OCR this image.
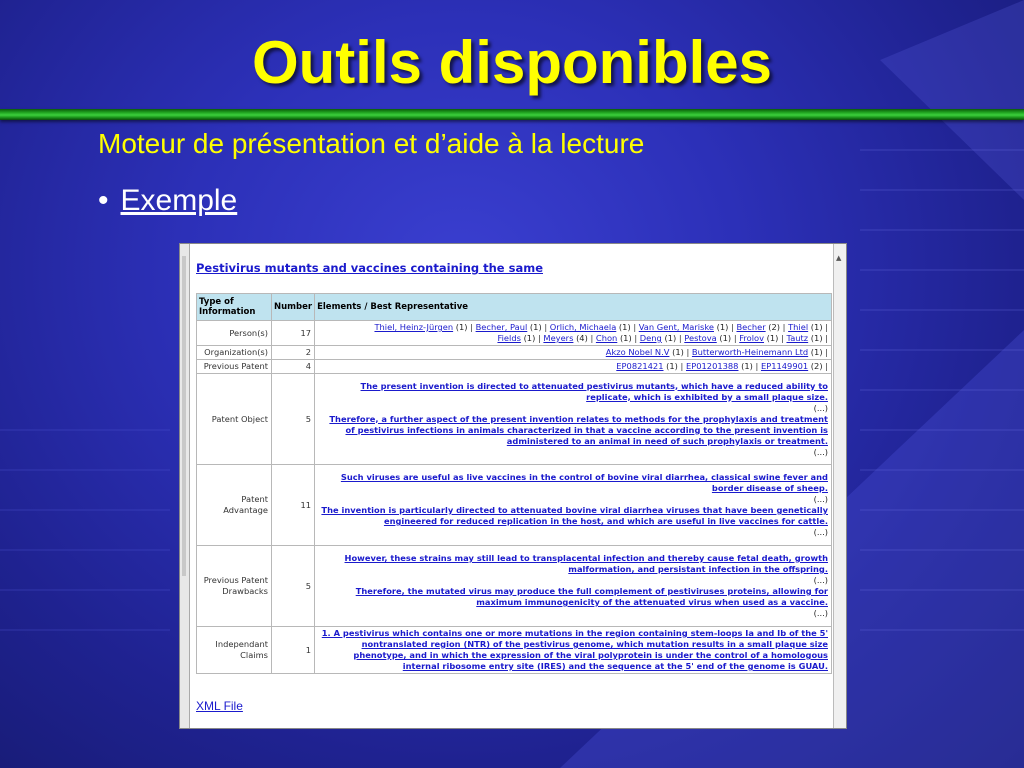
Outils disponibles
Moteur de présentation et d’aide à la lecture
• Exemple
▲
Pestivirus mutants and vaccines containing the same
Type of Information	Number	Elements / Best Representative
Person(s)	17	Thiel, Heinz-Jürgen (1) | Becher, Paul (1) | Orlich, Michaela (1) | Van Gent, Mariske (1) | Becher (2) | Thiel (1) |
Fields (1) | Meyers (4) | Chon (1) | Deng (1) | Pestova (1) | Frolov (1) | Tautz (1) |
Organization(s)	2	Akzo Nobel N.V (1) | Butterworth-Heinemann Ltd (1) |
Previous Patent	4	EP0821421 (1) | EP01201388 (1) | EP1149901 (2) |
Patent Object	5	The present invention is directed to attenuated pestivirus mutants, which have a reduced ability to replicate, which is exhibited by a small plaque size.
(...)
Therefore, a further aspect of the present invention relates to methods for the prophylaxis and treatment of pestivirus infections in animals characterized in that a vaccine according to the present invention is administered to an animal in need of such prophylaxis or treatment.
(...)
Patent Advantage	11	Such viruses are useful as live vaccines in the control of bovine viral diarrhea, classical swine fever and border disease of sheep.
(...)
The invention is particularly directed to attenuated bovine viral diarrhea viruses that have been genetically engineered for reduced replication in the host, and which are useful in live vaccines for cattle.
(...)
Previous Patent Drawbacks	5	However, these strains may still lead to transplacental infection and thereby cause fetal death, growth malformation, and persistant infection in the offspring.
(...)
Therefore, the mutated virus may produce the full complement of pestiviruses proteins, allowing for maximum immunogenicity of the attenuated virus when used as a vaccine.
(...)
Independant Claims	1	1. A pestivirus which contains one or more mutations in the region containing stem-loops Ia and Ib of the 5' nontranslated region (NTR) of the pestivirus genome, which mutation results in a small plaque size phenotype, and in which the expression of the viral polyprotein is under the control of a homologous internal ribosome entry site (IRES) and the sequence at the 5' end of the genome is GUAU.
XML File
